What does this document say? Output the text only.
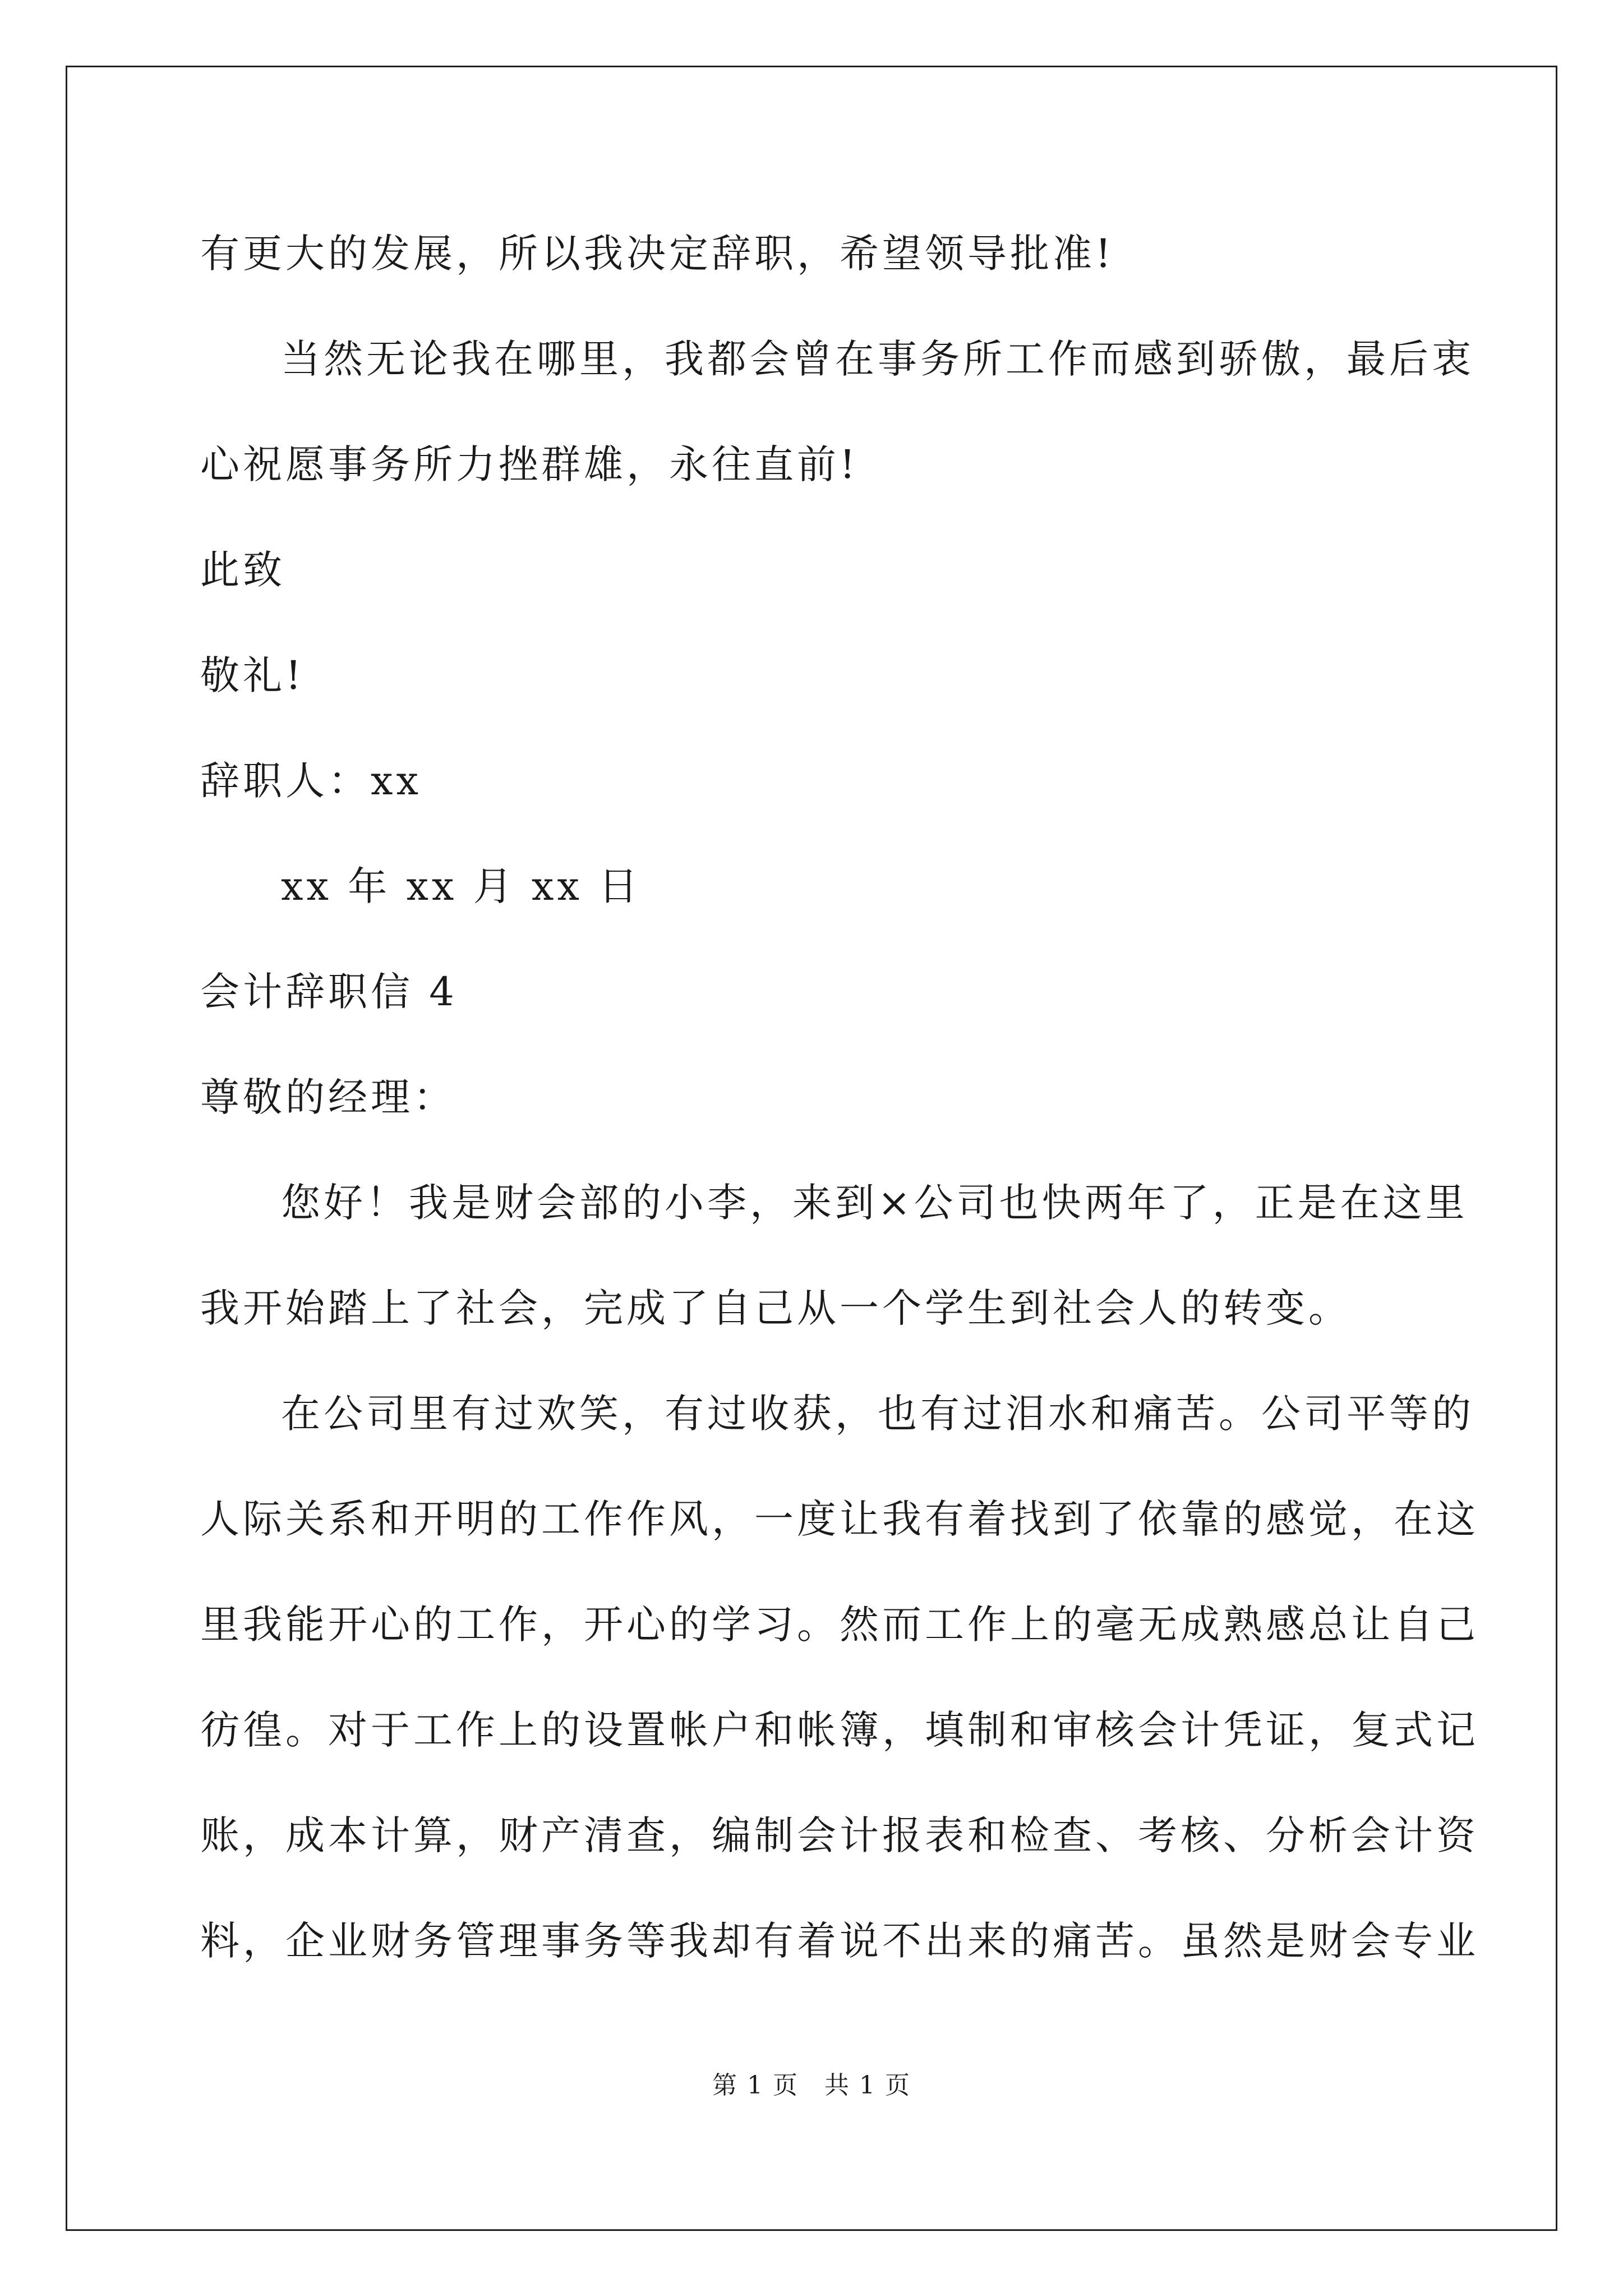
有更大的发展，所以我决定辞职，希望领导批准!
当然无论我在哪里，我都会曾在事务所工作而感到骄傲，最后衷
心祝愿事务所力挫群雄，永往直前!
此致
敬礼!
辞职人：xx
xx 年 xx 月 xx 日
会计辞职信 4
尊敬的经理：
您好！我是财会部的小李，来到×公司也快两年了，正是在这里
我开始踏上了社会，完成了自己从一个学生到社会人的转变。
在公司里有过欢笑，有过收获，也有过泪水和痛苦。公司平等的
人际关系和开明的工作作风，一度让我有着找到了依靠的感觉，在这
里我能开心的工作，开心的学习。然而工作上的毫无成熟感总让自己
彷徨。对于工作上的设置帐户和帐簿，填制和审核会计凭证，复式记
账，成本计算，财产清查，编制会计报表和检查、考核、分析会计资
料，企业财务管理事务等我却有着说不出来的痛苦。虽然是财会专业
第 1 页　共 1 页
